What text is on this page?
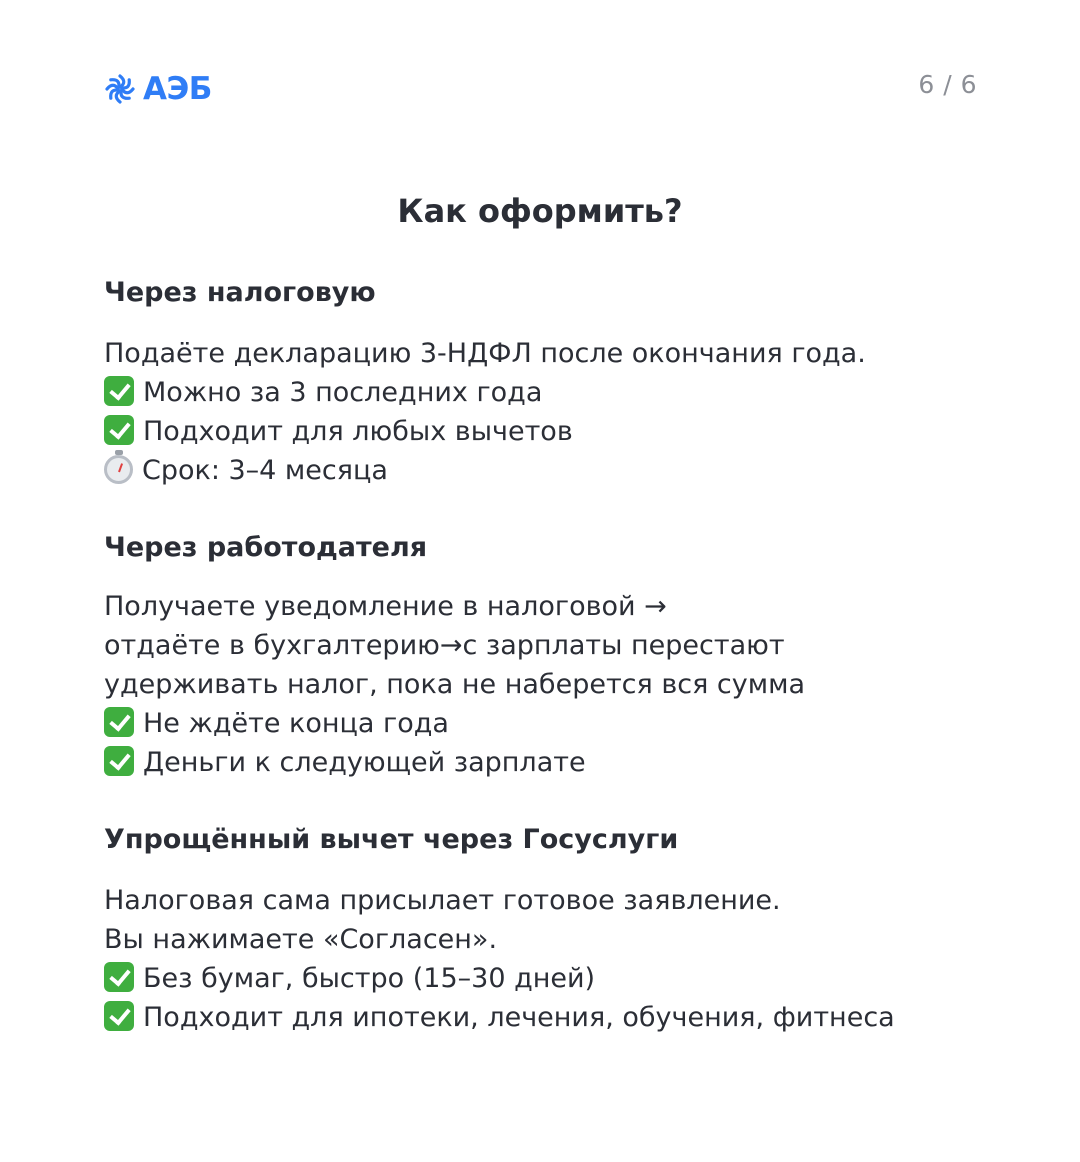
АЭБ	6 / 6
Как оформить?
Через налоговую
Подаёте декларацию 3-НДФЛ после окончания года.
Можно за 3 последних года
Подходит для любых вычетов
Срок: 3–4 месяца
Через работодателя
Получаете уведомление в налоговой →
отдаёте в бухгалтерию→с зарплаты перестают
удерживать налог, пока не наберется вся сумма
Не ждёте конца года
Деньги к следующей зарплате
Упрощённый вычет через Госуслуги
Налоговая сама присылает готовое заявление.
Вы нажимаете «Согласен».
Без бумаг, быстро (15–30 дней)
Подходит для ипотеки, лечения, обучения, фитнеса
